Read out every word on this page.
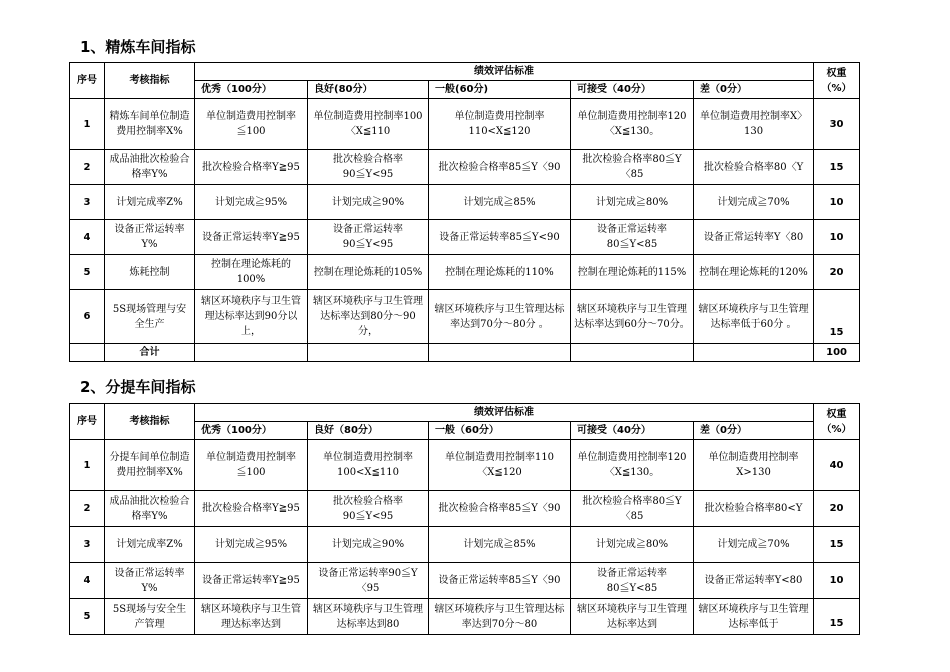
1、精炼车间指标
序号	考核指标	绩效评估标准					权重（%）
		优秀（100分）	良好(80分）	一般(60分)	可接受（40分）	差（0分）	
1	精炼车间单位制造费用控制率X%	单位制造费用控制率≦100	单位制造费用控制率100〈X≦110	单位制造费用控制率110<X≦120	单位制造费用控制率120〈X≦130。	单位制造费用控制率X〉130	30
2	成品油批次检验合格率Y%	批次检验合格率Y≧95	批次检验合格率90≦Y<95	批次检验合格率85≦Y〈90	批次检验合格率80≦Y〈85	批次检验合格率80〈Y	15
3	计划完成率Z%	计划完成≧95%	计划完成≧90%	计划完成≧85%	计划完成≧80%	计划完成≧70%	10
4	设备正常运转率Y%	设备正常运转率Y≧95	设备正常运转率90≦Y<95	设备正常运转率85≦Y<90	设备正常运转率80≦Y<85	设备正常运转率Y〈80	10
5	炼耗控制	控制在理论炼耗的100%	控制在理论炼耗的105%	控制在理论炼耗的110%	控制在理论炼耗的115%	控制在理论炼耗的120%	20
6	5S现场管理与安全生产	辖区环境秩序与卫生管理达标率达到90分以上，	辖区环境秩序与卫生管理达标率达到80分～90分，	辖区环境秩序与卫生管理达标率达到70分～80分 。	辖区环境秩序与卫生管理达标率达到60分～70分。	辖区环境秩序与卫生管理达标率低于60分 。	15
	合计						100
2、分提车间指标
序号	考核指标	绩效评估标准					权重（%）
		优秀（100分）	良好（80分）	一般（60分）	可接受（40分）	差（0分）	
1	分提车间单位制造费用控制率X%	单位制造费用控制率≦100	单位制造费用控制率100<X≦110	单位制造费用控制率110〈X≦120	单位制造费用控制率120〈X≦130。	单位制造费用控制率X>130	40
2	成品油批次检验合格率Y%	批次检验合格率Y≧95	批次检验合格率90≦Y<95	批次检验合格率85≦Y〈90	批次检验合格率80≦Y〈85	批次检验合格率80<Y	20
3	计划完成率Z%	计划完成≧95%	计划完成≧90%	计划完成≧85%	计划完成≧80%	计划完成≧70%	15
4	设备正常运转率Y%	设备正常运转率Y≧95	设备正常运转率90≦Y〈95	设备正常运转率85≦Y〈90	设备正常运转率80≦Y<85	设备正常运转率Y<80	10
5	5S现场与安全生产管理	辖区环境秩序与卫生管理达标率达到	辖区环境秩序与卫生管理达标率达到80	辖区环境秩序与卫生管理达标率达到70分～80	辖区环境秩序与卫生管理达标率达到	辖区环境秩序与卫生管理达标率低于	15
